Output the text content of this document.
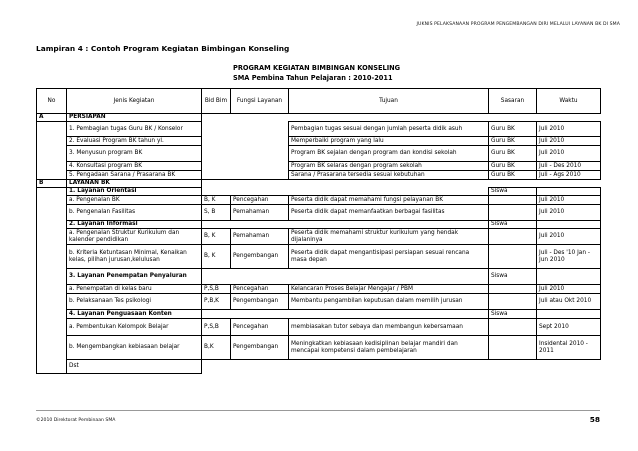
JUKNIS PELAKSANAAN PROGRAM PENGEMBANGAN DIRI MELALUI LAYANAN BK DI SMA
Lampiran 4 : Contoh Program Kegiatan Bimbingan Konseling
PROGRAM KEGIATAN BIMBINGAN KONSELING
SMA Pembina Tahun Pelajaran : 2010-2011
No	Jenis Kegiatan	Bid Bim	Fungsi Layanan	Tujuan	Sasaran	Waktu
A	PERSIAPAN					
	1. Pembagian tugas Guru BK / Konselor			Pembagian tugas sesuai dengan jumlah peserta didik asuh	Guru BK	Juli 2010
	2. Evaluasi Program BK tahun yl.			Memperbaiki program yang lalu	Guru BK	Juli 2010
	3. Menyusun program BK			Program BK sejalan dengan program dan kondisi sekolah	Guru BK	Juli 2010
	4. Konsultasi program BK			Program BK selaras dengan program sekolah	Guru BK	Juli - Des 2010
	5. Pengadaan Sarana / Prasarana BK			Sarana / Prasarana tersedia sesuai kebutuhan	Guru BK	Juli - Ags 2010
B	LAYANAN BK					
	1. Layanan Orientasi				Siswa	
	a. Pengenalan BK	B, K	Pencegahan	Peserta didik dapat memahami fungsi pelayanan BK		Juli 2010
	b. Pengenalan Fasilitas	S, B	Pemahaman	Peserta didik dapat memanfaatkan berbagai fasilitas		Juli 2010
	2. Layanan Informasi				Siswa	
	a. Pengenalan Struktur Kurikulum dan kalender pendidikan	B, K	Pemahaman	Peserta didik memahami struktur kurikulum yang hendak dijalaninya		Juli 2010
	b. Kriteria Ketuntasan Minimal, Kenaikan kelas, pilihan jurusan,kelulusan	B, K	Pengembangan	Peserta didik dapat mengantisipasi persiapan sesuai rencana masa depan		Juli - Des '10 Jan - Jun 2010
	3. Layanan Penempatan Penyaluran				Siswa	
	a. Penempatan di kelas baru	P,S,B	Pencegahan	Kelancaran Proses Belajar Mengajar / PBM		Juli 2010
	b. Pelaksanaan Tes psikologi	P,B,K	Pengembangan	Membantu pengambilan keputusan dalam memilih jurusan		Juli atau Okt 2010
	4. Layanan Penguasaan Konten				Siswa	
	a. Pembentukan Kelompok Belajar	P,S,B	Pencegahan	membiasakan tutor sebaya dan membangun kebersamaan		Sept 2010
	b. Mengembangkan kebiasaan belajar	B,K	Pengembangan	Meningkatkan kebiasaan kedisiplinan belajar mandiri dan mencapai kompetensi dalam pembelajaran		Insidental 2010 - 2011
	Dst					
©2010 Direktorat Pembinaan SMA	58
